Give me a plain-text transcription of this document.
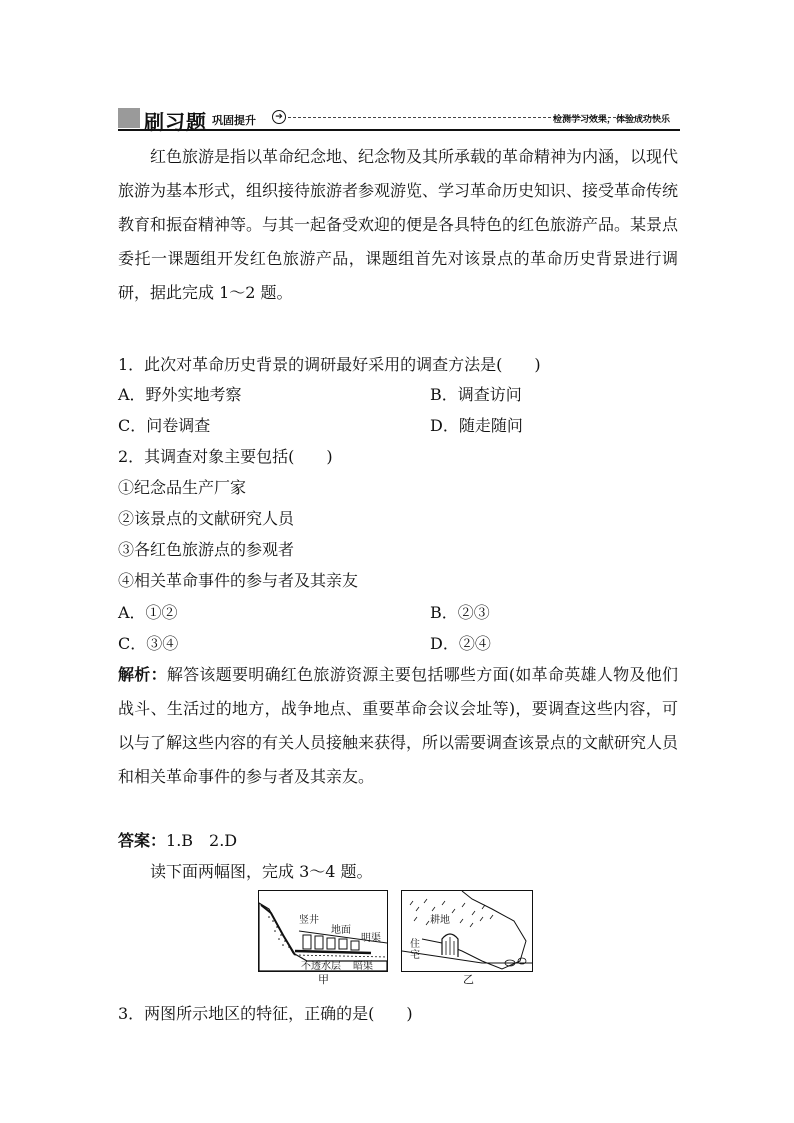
刷习题 巩固提升	➔	检测学习效果，体验成功快乐
红色旅游是指以革命纪念地、纪念物及其所承载的革命精神为内涵，以现代旅游为基本形式，组织接待旅游者参观游览、学习革命历史知识、接受革命传统教育和振奋精神等。与其一起备受欢迎的便是各具特色的红色旅游产品。某景点委托一课题组开发红色旅游产品，课题组首先对该景点的革命历史背景进行调研，据此完成 1～2 题。
1．此次对革命历史背景的调研最好采用的调查方法是(　　)
A．野外实地考察	B．调查访问
C．问卷调查	D．随走随问
2．其调查对象主要包括(　　)
①纪念品生产厂家
②该景点的文献研究人员
③各红色旅游点的参观者
④相关革命事件的参与者及其亲友
A．①②	B．②③
C．③④	D．②④
解析：解答该题要明确红色旅游资源主要包括哪些方面(如革命英雄人物及他们战斗、生活过的地方，战争地点、重要革命会议会址等)，要调查这些内容，可以与了解这些内容的有关人员接触来获得，所以需要调查该景点的文献研究人员和相关革命事件的参与者及其亲友。
答案：1.B　2.D
读下面两幅图，完成 3～4 题。
竖井
地面
明渠
不透水层 暗渠
甲
耕地
住宅
乙
3．两图所示地区的特征，正确的是(　　)
